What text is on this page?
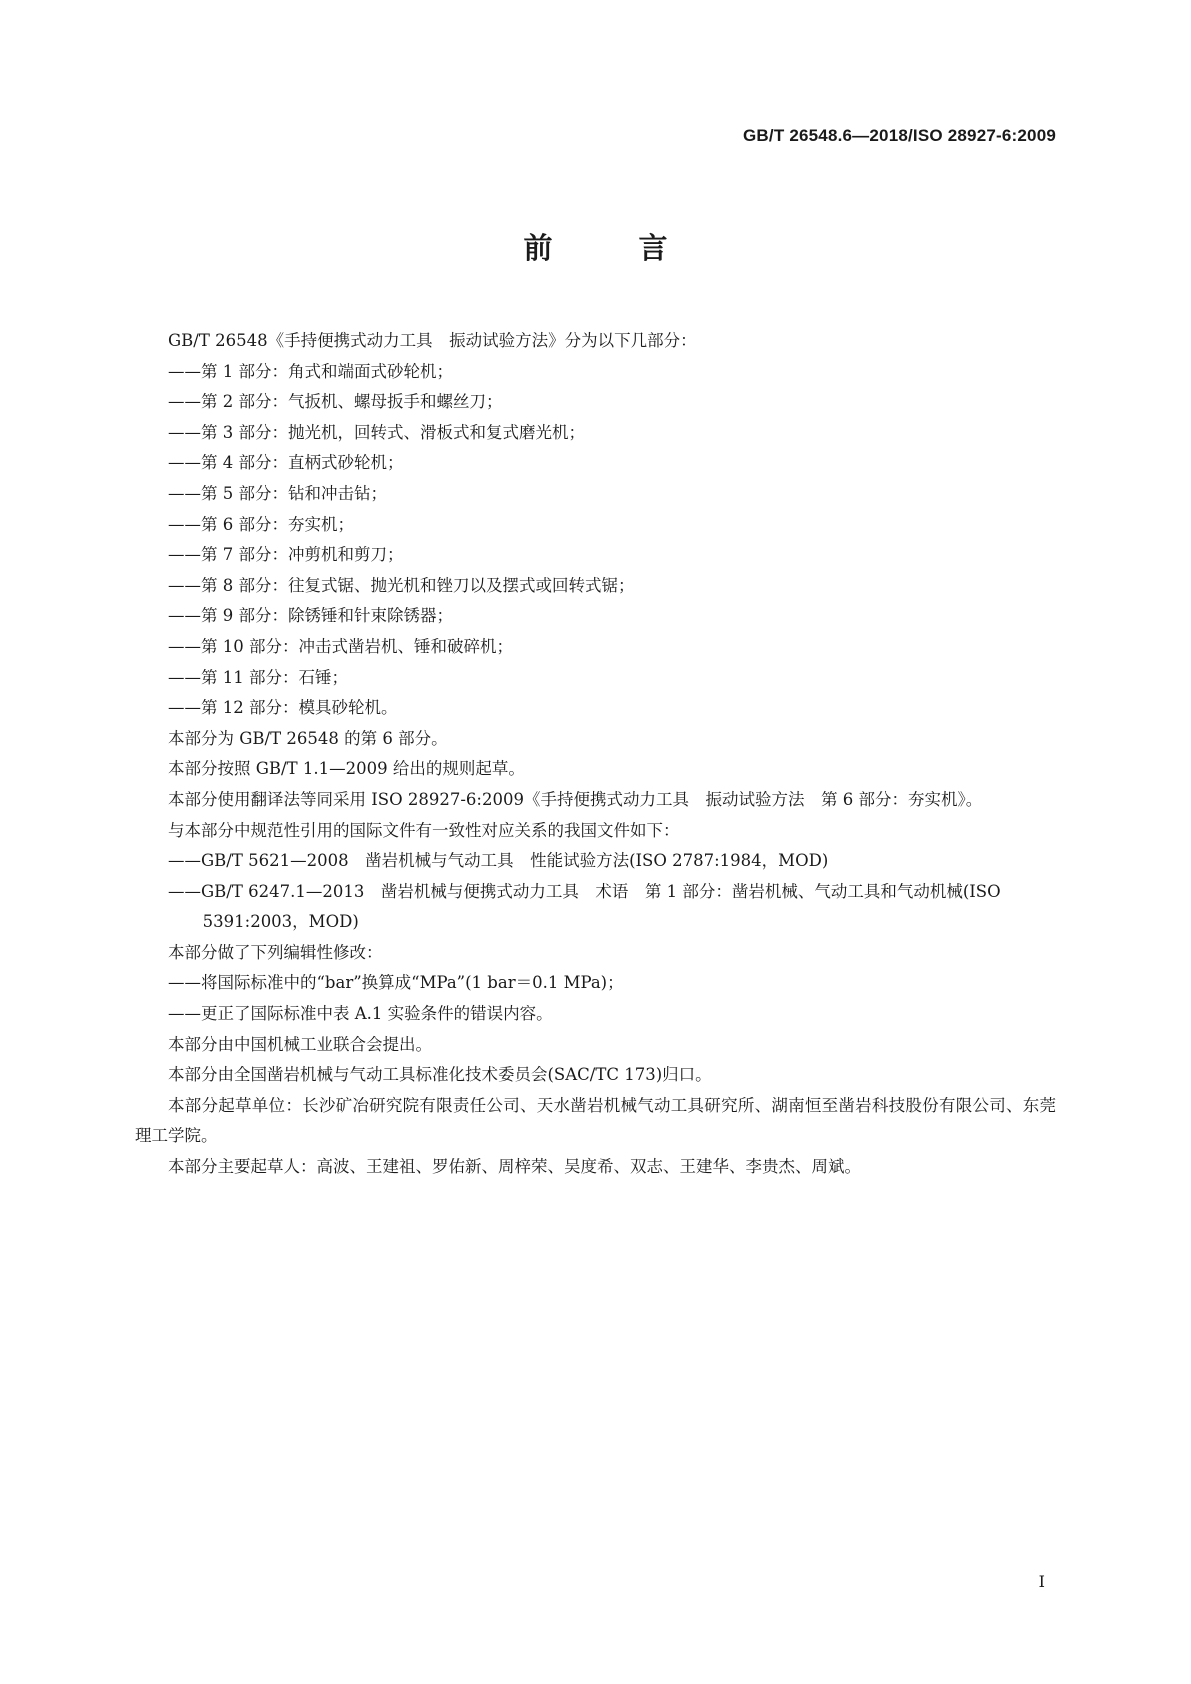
GB/T 26548.6—2018/ISO 28927-6:2009
前 言

GB/T 26548《手持便携式动力工具　振动试验方法》分为以下几部分：

——第 1 部分：角式和端面式砂轮机；

——第 2 部分：气扳机、螺母扳手和螺丝刀；

——第 3 部分：抛光机，回转式、滑板式和复式磨光机；

——第 4 部分：直柄式砂轮机；

——第 5 部分：钻和冲击钻；

——第 6 部分：夯实机；

——第 7 部分：冲剪机和剪刀；

——第 8 部分：往复式锯、抛光机和锉刀以及摆式或回转式锯；

——第 9 部分：除锈锤和针束除锈器；

——第 10 部分：冲击式凿岩机、锤和破碎机；

——第 11 部分：石锤；

——第 12 部分：模具砂轮机。

本部分为 GB/T 26548 的第 6 部分。

本部分按照 GB/T 1.1—2009 给出的规则起草。

本部分使用翻译法等同采用 ISO 28927-6:2009《手持便携式动力工具　振动试验方法　第 6 部分：夯实机》。

与本部分中规范性引用的国际文件有一致性对应关系的我国文件如下：

——GB/T 5621—2008　凿岩机械与气动工具　性能试验方法(ISO 2787:1984，MOD)

——GB/T 6247.1—2013　凿岩机械与便携式动力工具　术语　第 1 部分：凿岩机械、气动工具和气动机械(ISO 5391:2003，MOD)

本部分做了下列编辑性修改：

——将国际标准中的“bar”换算成“MPa”(1 bar＝0.1 MPa)；

——更正了国际标准中表 A.1 实验条件的错误内容。

本部分由中国机械工业联合会提出。

本部分由全国凿岩机械与气动工具标准化技术委员会(SAC/TC 173)归口。

本部分起草单位：长沙矿冶研究院有限责任公司、天水凿岩机械气动工具研究所、湖南恒至凿岩科技股份有限公司、东莞理工学院。

本部分主要起草人：高波、王建祖、罗佑新、周梓荣、吴度希、双志、王建华、李贵杰、周斌。

I
